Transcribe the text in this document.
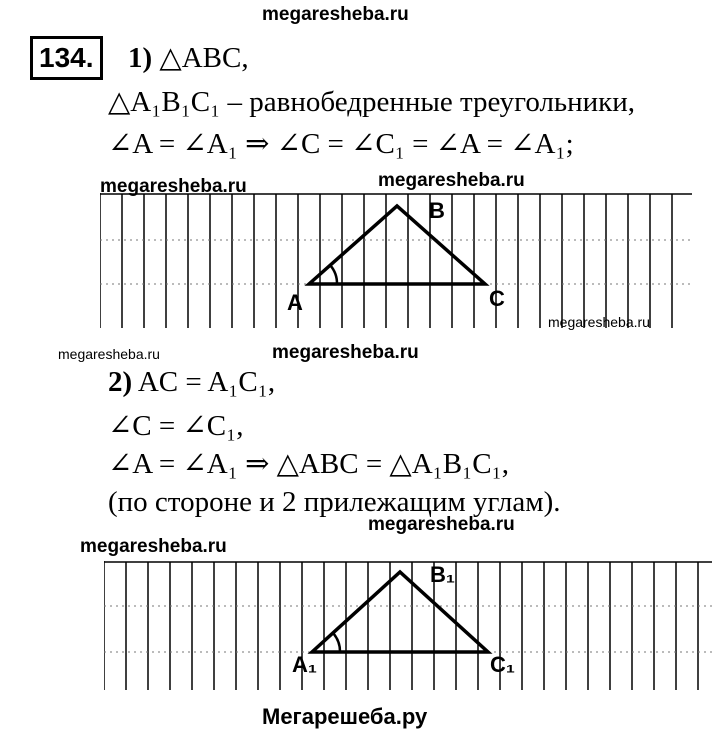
megaresheba.ru
134.	1) △ABC,
△A₁B₁C₁ – равнобедренные треугольники,
∠A = ∠A₁ ⇒ ∠C = ∠C₁ = ∠A = ∠A₁;
megaresheba.ru	megaresheba.ru
A
B
C
megaresheba.ru
megaresheba.ru	megaresheba.ru
2) AC = A₁C₁,
∠C = ∠C₁,
∠A = ∠A₁ ⇒ △ABC = △A₁B₁C₁,
(по стороне и 2 прилежащим углам).
megaresheba.ru
megaresheba.ru
A₁
B₁
C₁
Мегарешеба.ру
